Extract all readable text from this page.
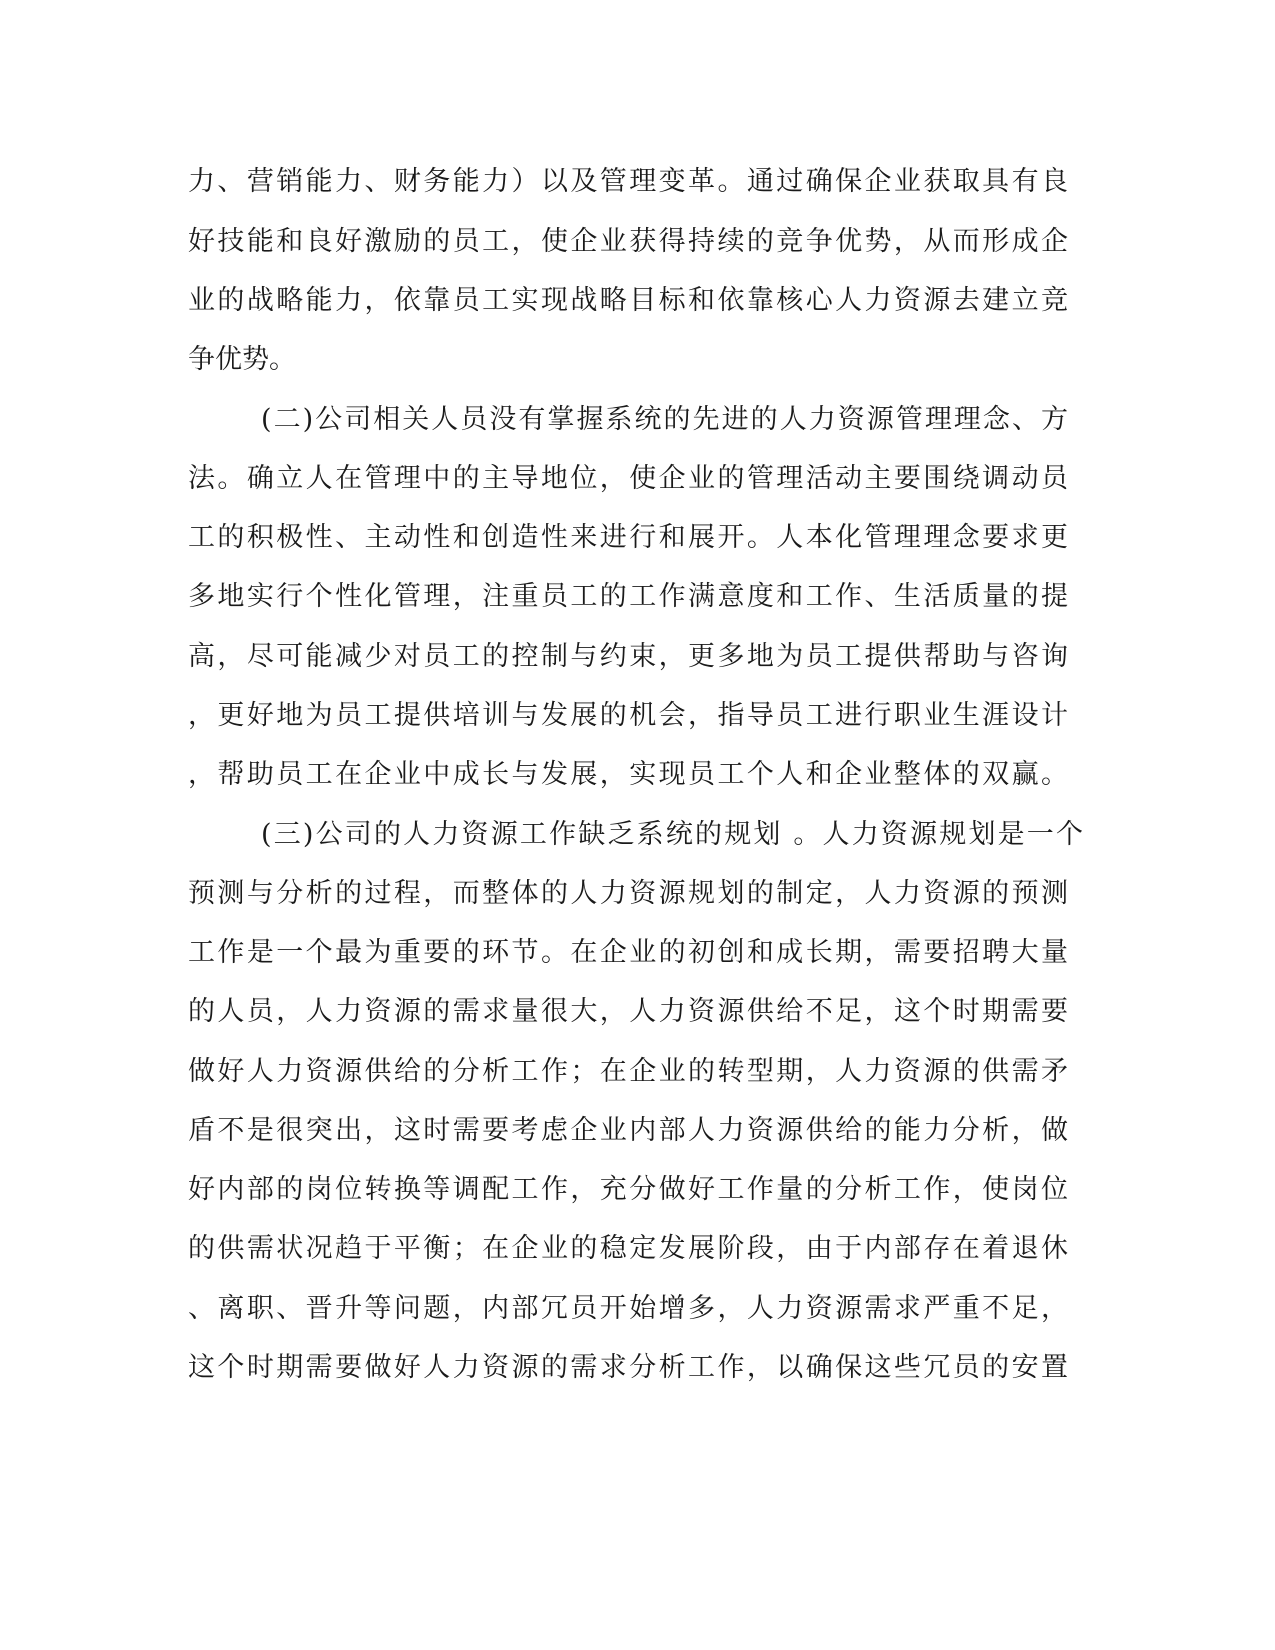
力、营销能力、财务能力）以及管理变革。通过确保企业获取具有良
好技能和良好激励的员工，使企业获得持续的竞争优势，从而形成企
业的战略能力，依靠员工实现战略目标和依靠核心人力资源去建立竞
争优势。
(二)公司相关人员没有掌握系统的先进的人力资源管理理念、方
法。确立人在管理中的主导地位，使企业的管理活动主要围绕调动员
工的积极性、主动性和创造性来进行和展开。人本化管理理念要求更
多地实行个性化管理，注重员工的工作满意度和工作、生活质量的提
高，尽可能减少对员工的控制与约束，更多地为员工提供帮助与咨询
，更好地为员工提供培训与发展的机会，指导员工进行职业生涯设计
，帮助员工在企业中成长与发展，实现员工个人和企业整体的双赢。
(三)公司的人力资源工作缺乏系统的规划 。人力资源规划是一个
预测与分析的过程，而整体的人力资源规划的制定，人力资源的预测
工作是一个最为重要的环节。在企业的初创和成长期，需要招聘大量
的人员，人力资源的需求量很大，人力资源供给不足，这个时期需要
做好人力资源供给的分析工作；在企业的转型期，人力资源的供需矛
盾不是很突出，这时需要考虑企业内部人力资源供给的能力分析，做
好内部的岗位转换等调配工作，充分做好工作量的分析工作，使岗位
的供需状况趋于平衡；在企业的稳定发展阶段，由于内部存在着退休
、离职、晋升等问题，内部冗员开始增多，人力资源需求严重不足，
这个时期需要做好人力资源的需求分析工作，以确保这些冗员的安置
